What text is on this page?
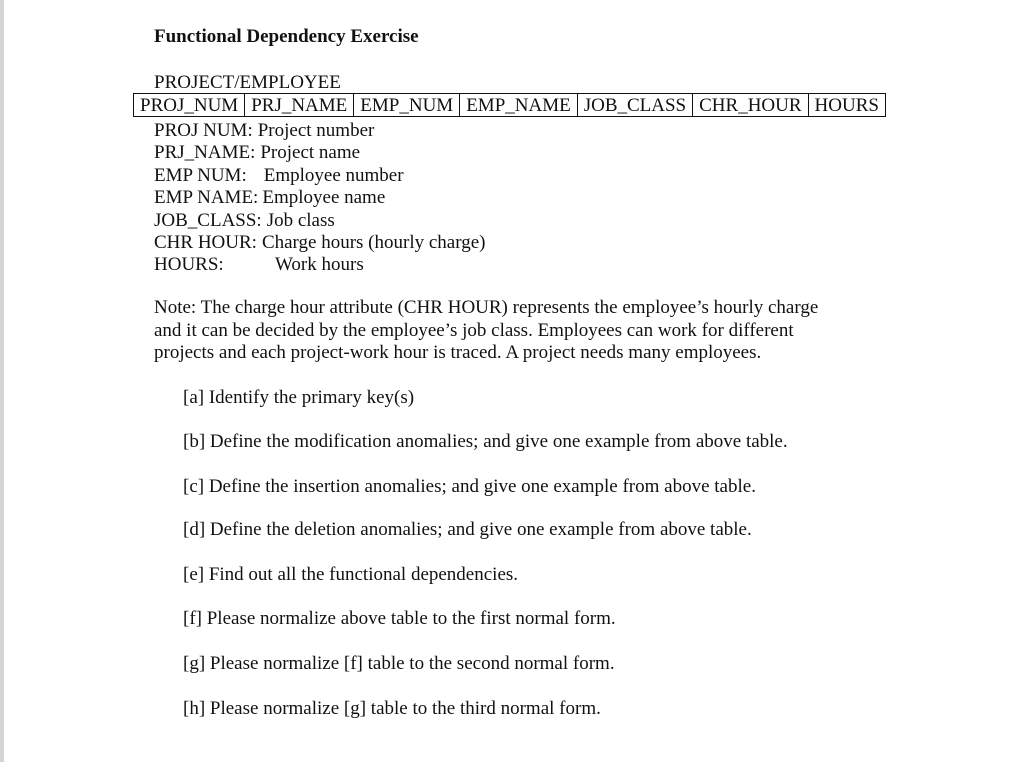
Functional Dependency Exercise
PROJECT/EMPLOYEE
PROJ_NUM PRJ_NAME EMP_NUM EMP_NAME JOB_CLASS CHR_HOUR HOURS
PROJ NUM: Project number
PRJ_NAME: Project name
EMP NUM: Employee number
EMP NAME: Employee name
JOB_CLASS: Job class
CHR HOUR: Charge hours (hourly charge)
HOURS:	Work hours
Note: The charge hour attribute (CHR HOUR) represents the employee’s hourly charge
and it can be decided by the employee’s job class. Employees can work for different
projects and each project-work hour is traced. A project needs many employees.
[a] Identify the primary key(s)
[b] Define the modification anomalies; and give one example from above table.
[c] Define the insertion anomalies; and give one example from above table.
[d] Define the deletion anomalies; and give one example from above table.
[e] Find out all the functional dependencies.
[f] Please normalize above table to the first normal form.
[g] Please normalize [f] table to the second normal form.
[h] Please normalize [g] table to the third normal form.
